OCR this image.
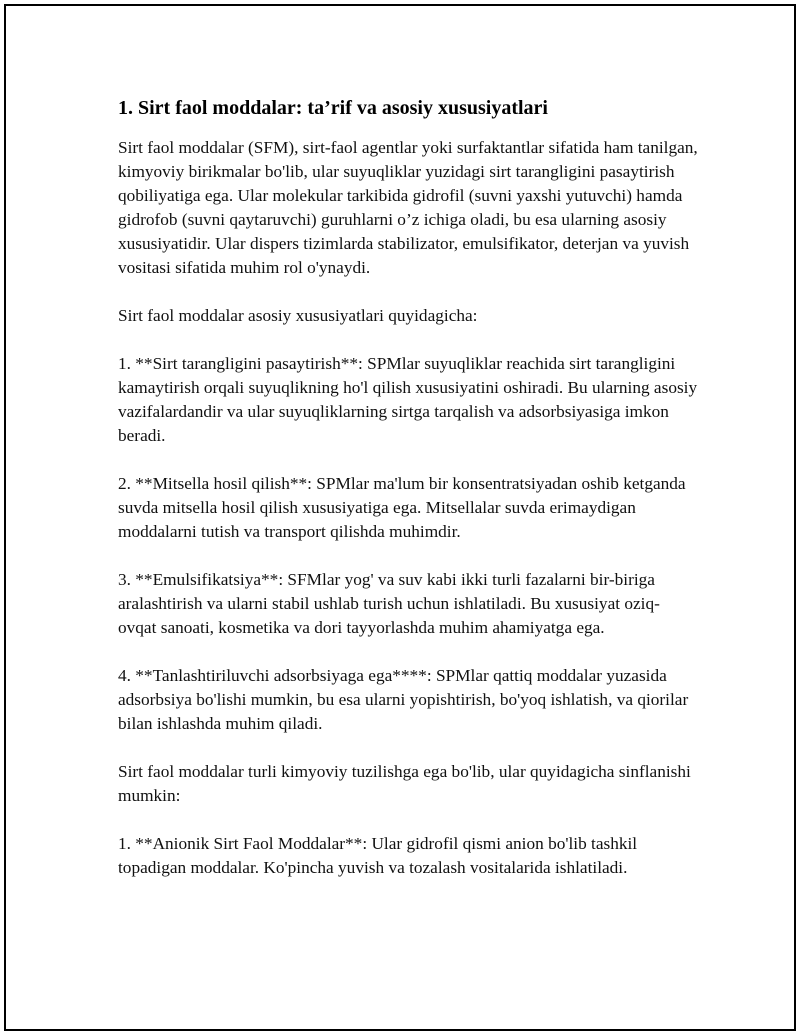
1. Sirt faol moddalar: ta’rif va asosiy xususiyatlari

Sirt faol moddalar (SFM), sirt-faol agentlar yoki surfaktantlar sifatida ham tanilgan, kimyoviy birikmalar bo'lib, ular suyuqliklar yuzidagi sirt tarangligini pasaytirish qobiliyatiga ega. Ular molekular tarkibida gidrofil (suvni yaxshi yutuvchi) hamda gidrofob (suvni qaytaruvchi) guruhlarni o’z ichiga oladi, bu esa ularning asosiy xususiyatidir. Ular dispers tizimlarda stabilizator, emulsifikator, deterjan va yuvish vositasi sifatida muhim rol o'ynaydi.

Sirt faol moddalar asosiy xususiyatlari quyidagicha:

1. **Sirt tarangligini pasaytirish**: SPMlar suyuqliklar reachida sirt tarangligini kamaytirish orqali suyuqlikning ho'l qilish xususiyatini oshiradi. Bu ularning asosiy vazifalardandir va ular suyuqliklarning sirtga tarqalish va adsorbsiyasiga imkon beradi.

2. **Mitsella hosil qilish**: SPMlar ma'lum bir konsentratsiyadan oshib ketganda suvda mitsella hosil qilish xususiyatiga ega. Mitsellalar suvda erimaydigan moddalarni tutish va transport qilishda muhimdir.

3. **Emulsifikatsiya**: SFMlar yog' va suv kabi ikki turli fazalarni bir-biriga aralashtirish va ularni stabil ushlab turish uchun ishlatiladi. Bu xususiyat oziq-ovqat sanoati, kosmetika va dori tayyorlashda muhim ahamiyatga ega.

4. **Tanlashtiriluvchi adsorbsiyaga ega****: SPMlar qattiq moddalar yuzasida adsorbsiya bo'lishi mumkin, bu esa ularni yopishtirish, bo'yoq ishlatish, va qiorilar bilan ishlashda muhim qiladi.

Sirt faol moddalar turli kimyoviy tuzilishga ega bo'lib, ular quyidagicha sinflanishi mumkin:

1. **Anionik Sirt Faol Moddalar**: Ular gidrofil qismi anion bo'lib tashkil topadigan moddalar. Ko'pincha yuvish va tozalash vositalarida ishlatiladi.
